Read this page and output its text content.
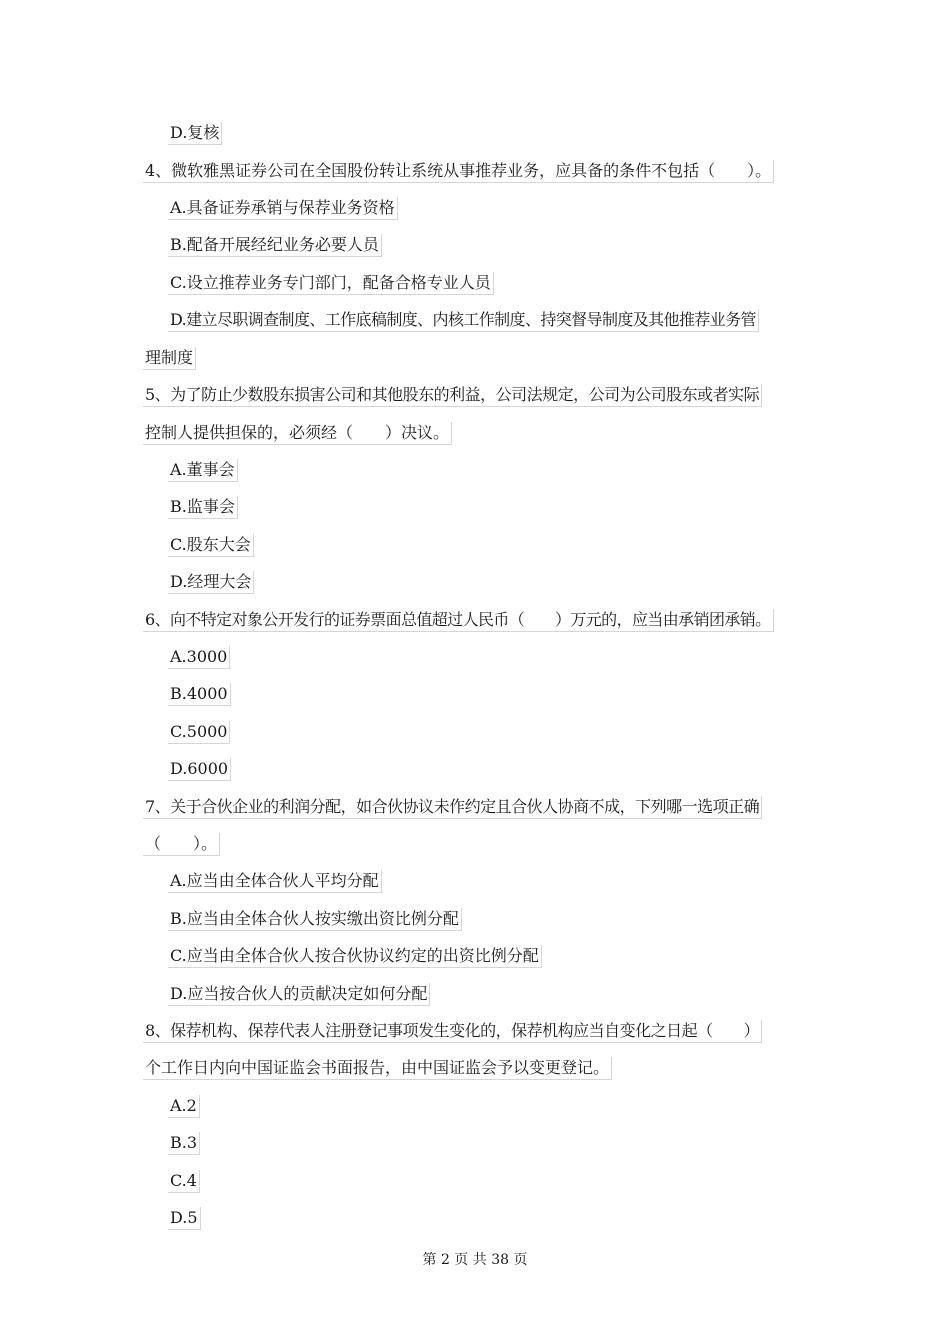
D.复核
4、微软雅黑证券公司在全国股份转让系统从事推荐业务，应具备的条件不包括（　　）。
A.具备证券承销与保荐业务资格
B.配备开展经纪业务必要人员
C.设立推荐业务专门部门，配备合格专业人员
D.建立尽职调查制度、工作底稿制度、内核工作制度、持突督导制度及其他推荐业务管
理制度
5、为了防止少数股东损害公司和其他股东的利益，公司法规定，公司为公司股东或者实际
控制人提供担保的，必须经（　　）决议。
A.董事会
B.监事会
C.股东大会
D.经理大会
6、向不特定对象公开发行的证券票面总值超过人民币（　　）万元的，应当由承销团承销。
A.3000
B.4000
C.5000
D.6000
7、关于合伙企业的利润分配，如合伙协议未作约定且合伙人协商不成，下列哪一选项正确
（　　）。
A.应当由全体合伙人平均分配
B.应当由全体合伙人按实缴出资比例分配
C.应当由全体合伙人按合伙协议约定的出资比例分配
D.应当按合伙人的贡献决定如何分配
8、保荐机构、保荐代表人注册登记事项发生变化的，保荐机构应当自变化之日起（　　）
个工作日内向中国证监会书面报告，由中国证监会予以变更登记。
A.2
B.3
C.4
D.5
第 2 页 共 38 页
